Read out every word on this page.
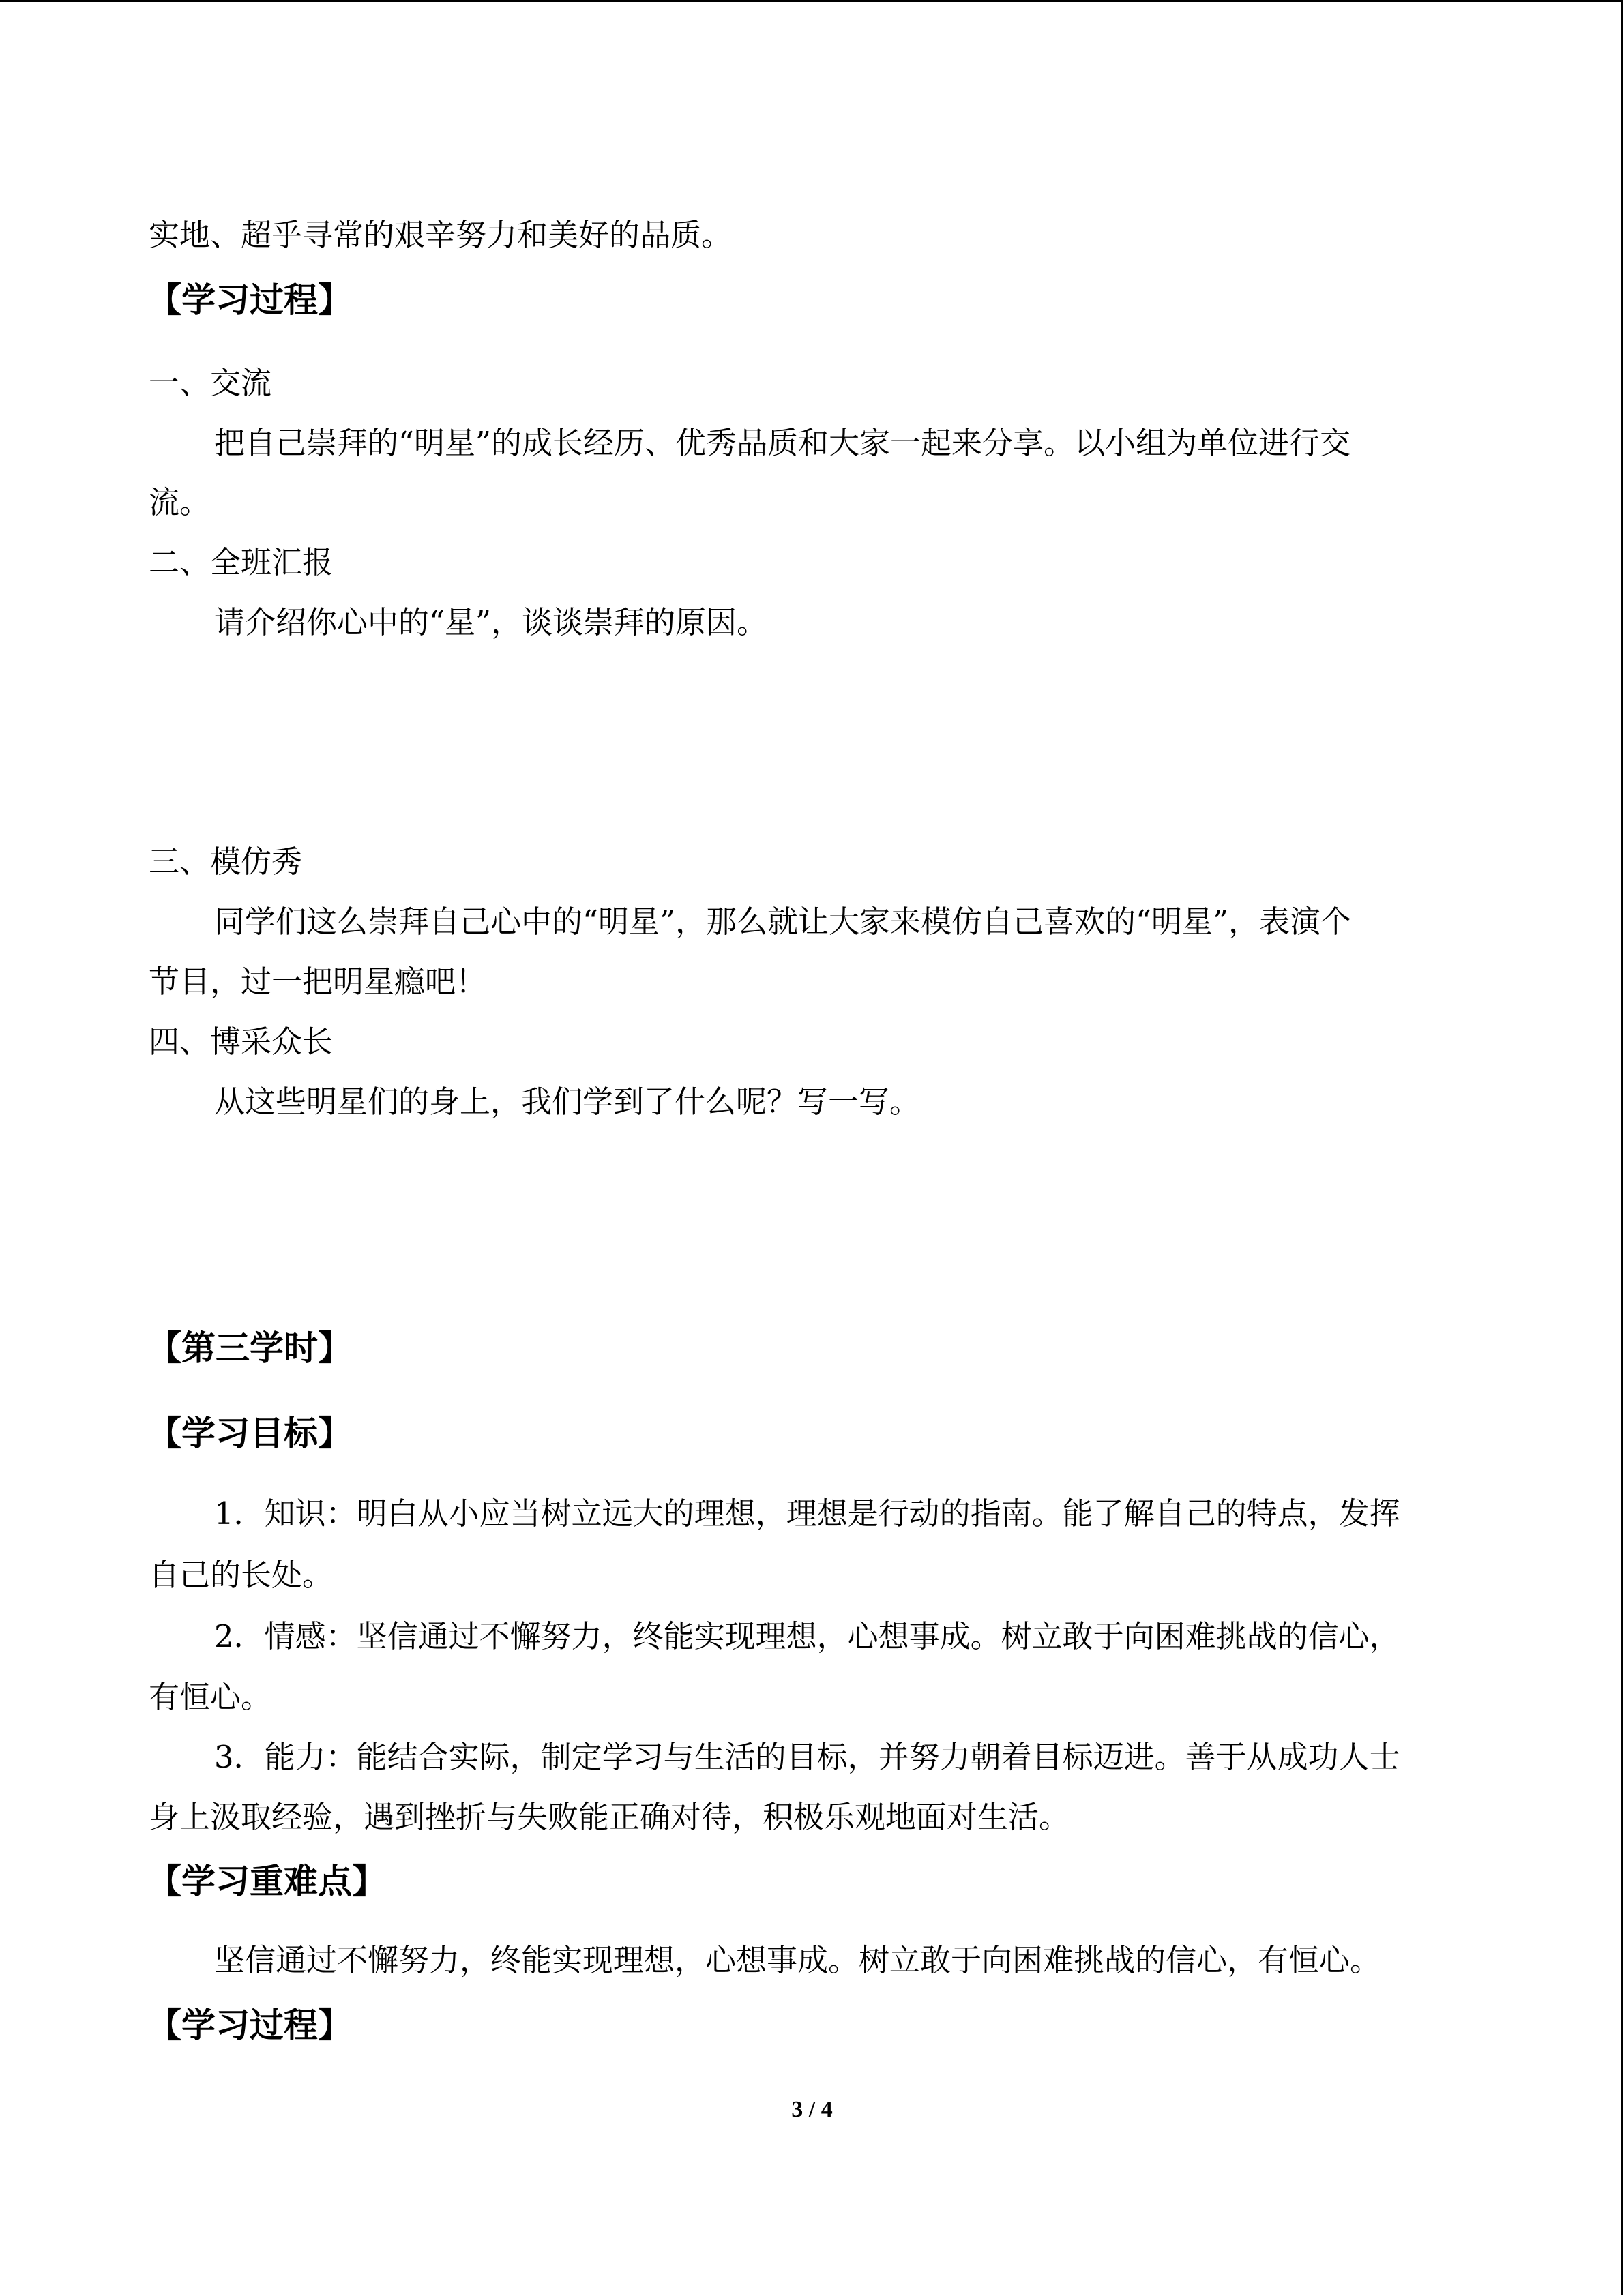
实地、超乎寻常的艰辛努力和美好的品质。
【学习过程】
一、交流
把自己崇拜的“明星”的成长经历、优秀品质和大家一起来分享。以小组为单位进行交
流。
二、全班汇报
请介绍你心中的“星”，谈谈崇拜的原因。
三、模仿秀
同学们这么崇拜自己心中的“明星”，那么就让大家来模仿自己喜欢的“明星”，表演个
节目，过一把明星瘾吧！
四、博采众长
从这些明星们的身上，我们学到了什么呢？写一写。
【第三学时】
【学习目标】
1．知识：明白从小应当树立远大的理想，理想是行动的指南。能了解自己的特点，发挥
自己的长处。
2．情感：坚信通过不懈努力，终能实现理想，心想事成。树立敢于向困难挑战的信心，
有恒心。
3．能力：能结合实际，制定学习与生活的目标，并努力朝着目标迈进。善于从成功人士
身上汲取经验，遇到挫折与失败能正确对待，积极乐观地面对生活。
【学习重难点】
坚信通过不懈努力，终能实现理想，心想事成。树立敢于向困难挑战的信心，有恒心。
【学习过程】
3 / 4
